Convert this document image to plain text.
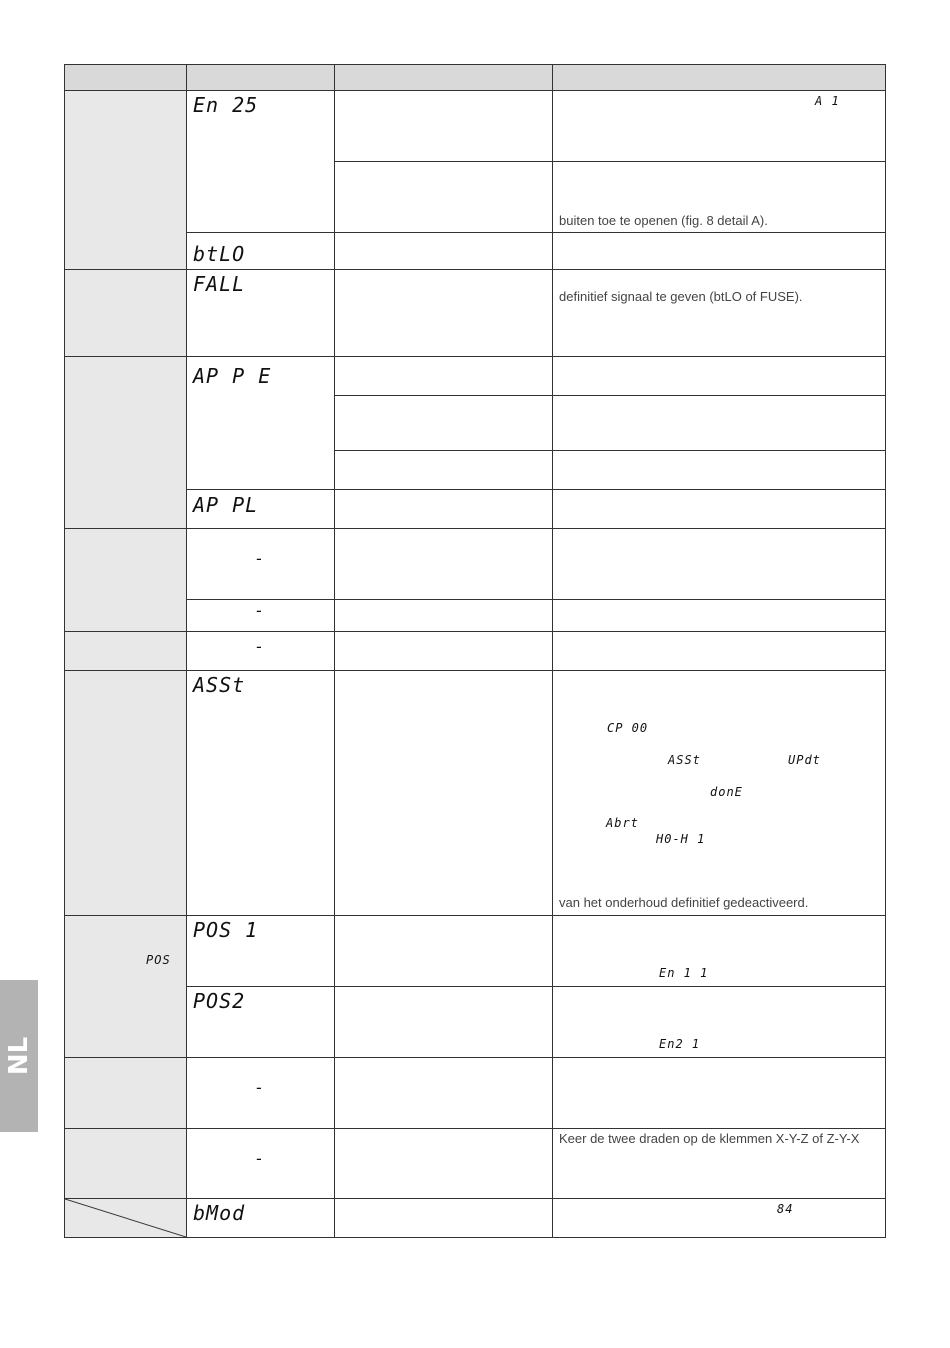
NL
En 25
btLO
FALL
AP P E
AP PL
-
-
-
ASSt
POS 1
POS2
-
-
bMod
POS
A 1
buiten toe te openen (fig. 8 detail A).
definitief signaal te geven (btLO of FUSE).
CP 00
ASSt	UPdt
donE
Abrt
H0-H 1
van het onderhoud definitief gedeactiveerd.
En 1 1
En2 1
Keer de twee draden op de klemmen X-Y-Z of Z-Y-X
84
